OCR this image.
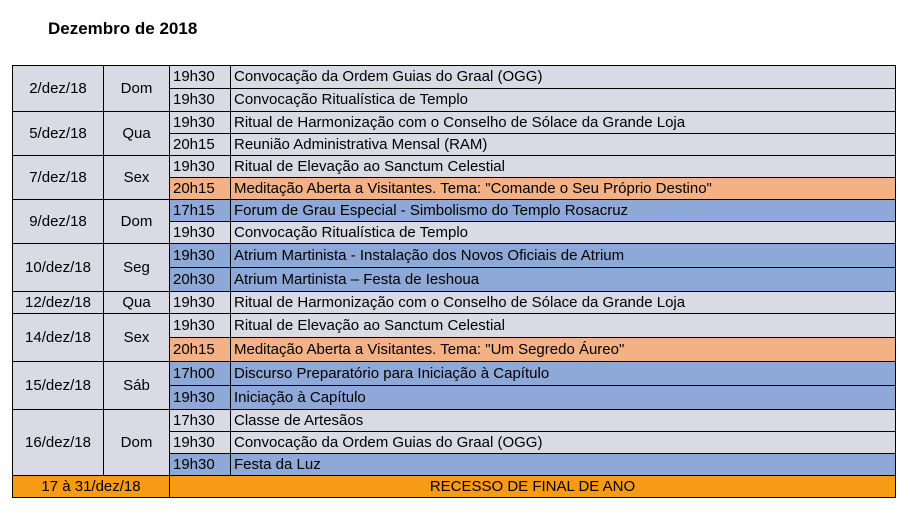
Dezembro de 2018
2/dez/18	Dom	19h30	Convocação da Ordem Guias do Graal (OGG)
		19h30	Convocação Ritualística de Templo
5/dez/18	Qua	19h30	Ritual de Harmonização com o Conselho de Sólace da Grande Loja
		20h15	Reunião Administrativa Mensal (RAM)
7/dez/18	Sex	19h30	Ritual de Elevação ao Sanctum Celestial
		20h15	Meditação Aberta a Visitantes. Tema: "Comande o Seu Próprio Destino"
9/dez/18	Dom	17h15	Forum de Grau Especial - Simbolismo do Templo Rosacruz
		19h30	Convocação Ritualística de Templo
10/dez/18	Seg	19h30	Atrium Martinista - Instalação dos Novos Oficiais de Atrium
		20h30	Atrium Martinista – Festa de Ieshoua
12/dez/18	Qua	19h30	Ritual de Harmonização com o Conselho de Sólace da Grande Loja
14/dez/18	Sex	19h30	Ritual de Elevação ao Sanctum Celestial
		20h15	Meditação Aberta a Visitantes. Tema: "Um Segredo Áureo"
15/dez/18	Sáb	17h00	Discurso Preparatório para Iniciação à Capítulo
		19h30	Iniciação à Capítulo
16/dez/18	Dom	17h30	Classe de Artesãos
		19h30	Convocação da Ordem Guias do Graal (OGG)
		19h30	Festa da Luz
17 à 31/dez/18		RECESSO DE FINAL DE ANO	
